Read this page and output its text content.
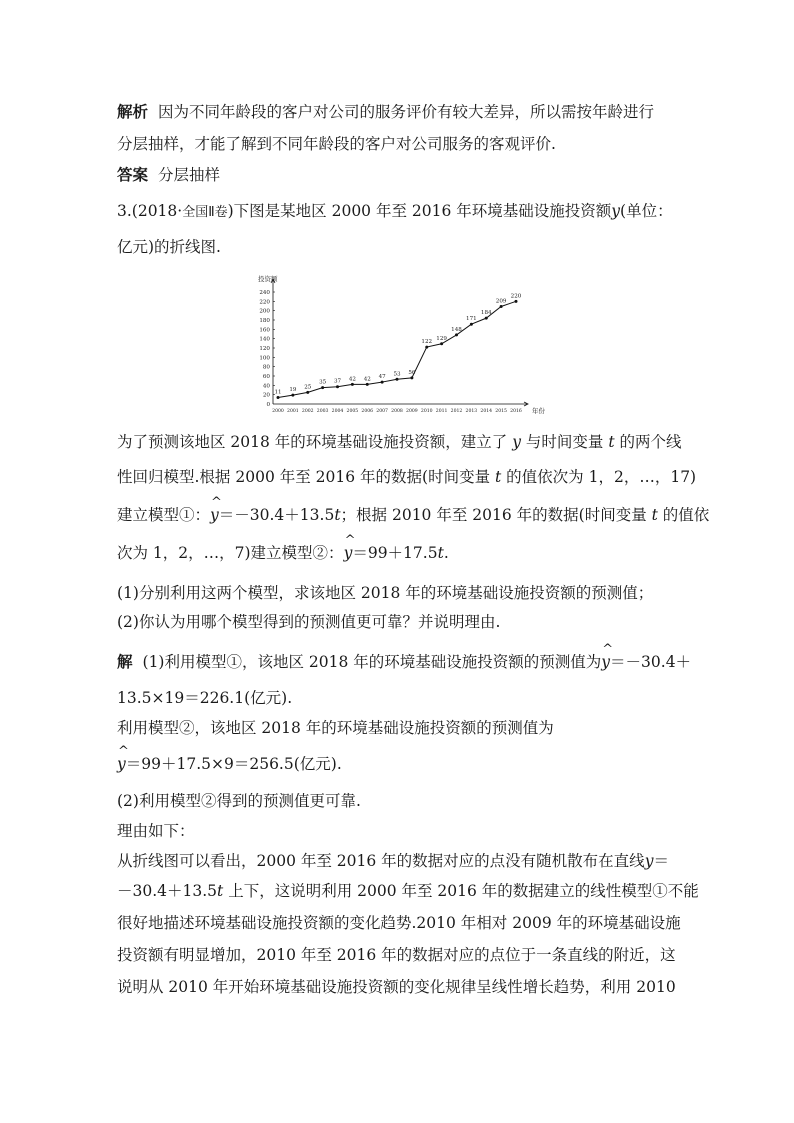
解析 因为不同年龄段的客户对公司的服务评价有较大差异，所以需按年龄进行
分层抽样，才能了解到不同年龄段的客户对公司服务的客观评价.
答案 分层抽样
3.(2018·全国Ⅱ卷)下图是某地区 2000 年至 2016 年环境基础设施投资额y(单位：
亿元)的折线图.
0
20
40
60
80
100
120
140
160
180
200
220
240
2000 2001 2002 2003 2004 2005 2006 2007 2008 2009 2010 2011 2012 2013 2014 2015 2016
11 19 25
35 37 42 42 47 53 56
122
129
148
171
184
209
220
投资额
年份
为了预测该地区 2018 年的环境基础设施投资额，建立了 y 与时间变量 t 的两个线
性回归模型.根据 2000 年至 2016 年的数据(时间变量 t 的值依次为 1，2，…，17)
建立模型①：
^
y＝－30.4＋13.5t；根据 2010 年至 2016 年的数据(时间变量 t 的值依
次为 1，2，…，7)建立模型②：
^
y＝99＋17.5t.
(1)分别利用这两个模型，求该地区 2018 年的环境基础设施投资额的预测值；
(2)你认为用哪个模型得到的预测值更可靠？并说明理由.
解 (1)利用模型①，该地区 2018 年的环境基础设施投资额的预测值为
^
y＝－30.4＋
13.5×19＝226.1(亿元).
利用模型②，该地区 2018 年的环境基础设施投资额的预测值为
^
y＝99＋17.5×9＝256.5(亿元).
(2)利用模型②得到的预测值更可靠.
理由如下：
从折线图可以看出，2000 年至 2016 年的数据对应的点没有随机散布在直线y＝
－30.4＋13.5t 上下，这说明利用 2000 年至 2016 年的数据建立的线性模型①不能
很好地描述环境基础设施投资额的变化趋势.2010 年相对 2009 年的环境基础设施
投资额有明显增加，2010 年至 2016 年的数据对应的点位于一条直线的附近，这
说明从 2010 年开始环境基础设施投资额的变化规律呈线性增长趋势，利用 2010
